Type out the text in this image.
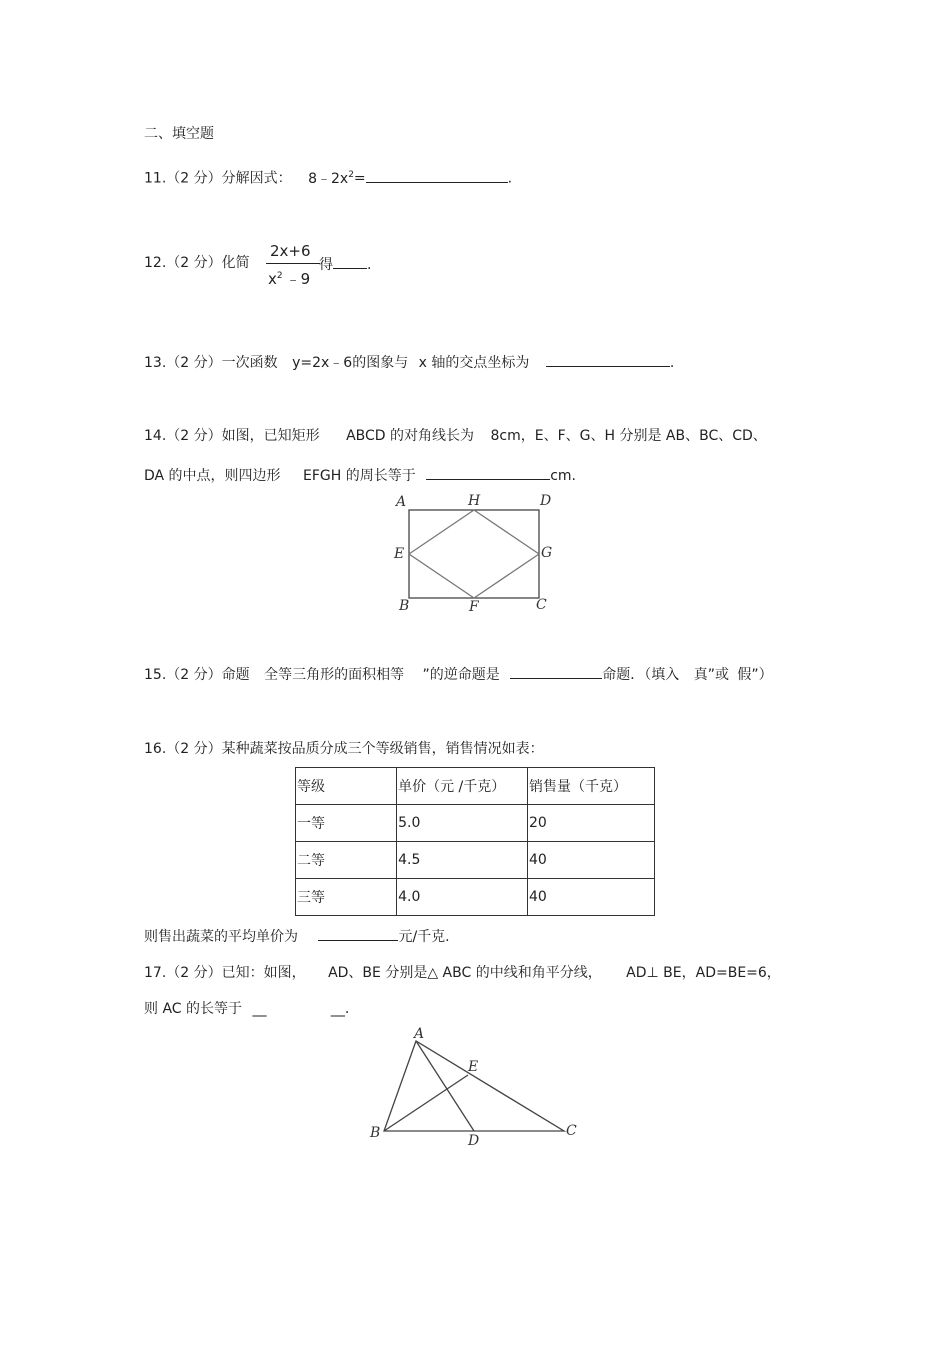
二、填空题
11.（2 分）分解因式： $8﹣2x^2=$	.
12.（2 分）化简
2x+6
$x^2$ ﹣9
得 .
13.（2 分）一次函数 y=2x﹣6的图象与 x 轴的交点坐标为	.
14.（2 分）如图，已知矩形 ABCD 的对角线长为 8cm，E、F、G、H 分别是 AB、BC、CD、
DA 的中点，则四边形 EFGH 的周长等于	cm.
A	H	D
E	G
B	F	C
15.（2 分）命题 全等三角形的面积相等 ”的逆命题是	命题．（填入 真”或 假”）
16.（2 分）某种蔬菜按品质分成三个等级销售，销售情况如表：
等级	单价（元 /千克）	销售量（千克）
一等	5.0	20
二等	4.5	40
三等	4.0	40
则售出蔬菜的平均单价为	元/千克.
17.（2 分）已知：如图， AD、BE 分别是△ ABC 的中线和角平分线， AD⊥ BE，AD=BE=6，
则 AC 的长等于 __	__.
A
E
B	D
C
